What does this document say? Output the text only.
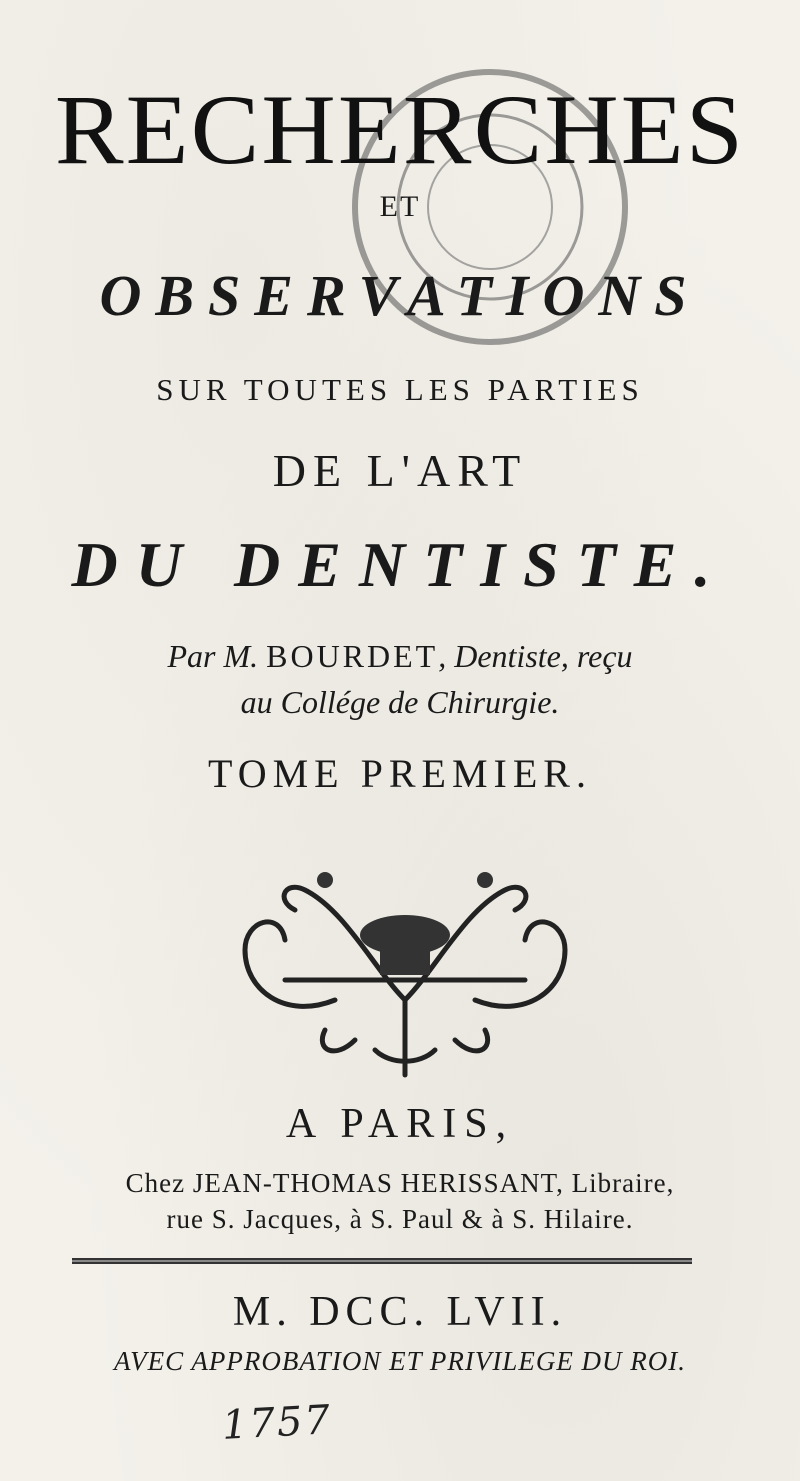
RECHERCHES
ET
OBSERVATIONS
SUR TOUTES LES PARTIES
DE L'ART
DU DENTISTE.
Par M. BOURDET, Dentiste, reçu
au Collége de Chirurgie.
TOME PREMIER.
A PARIS,
Chez JEAN-THOMAS HERISSANT, Libraire,
rue S. Jacques, à S. Paul & à S. Hilaire.
M. DCC. LVII.
AVEC APPROBATION ET PRIVILEGE DU ROI.
1757
